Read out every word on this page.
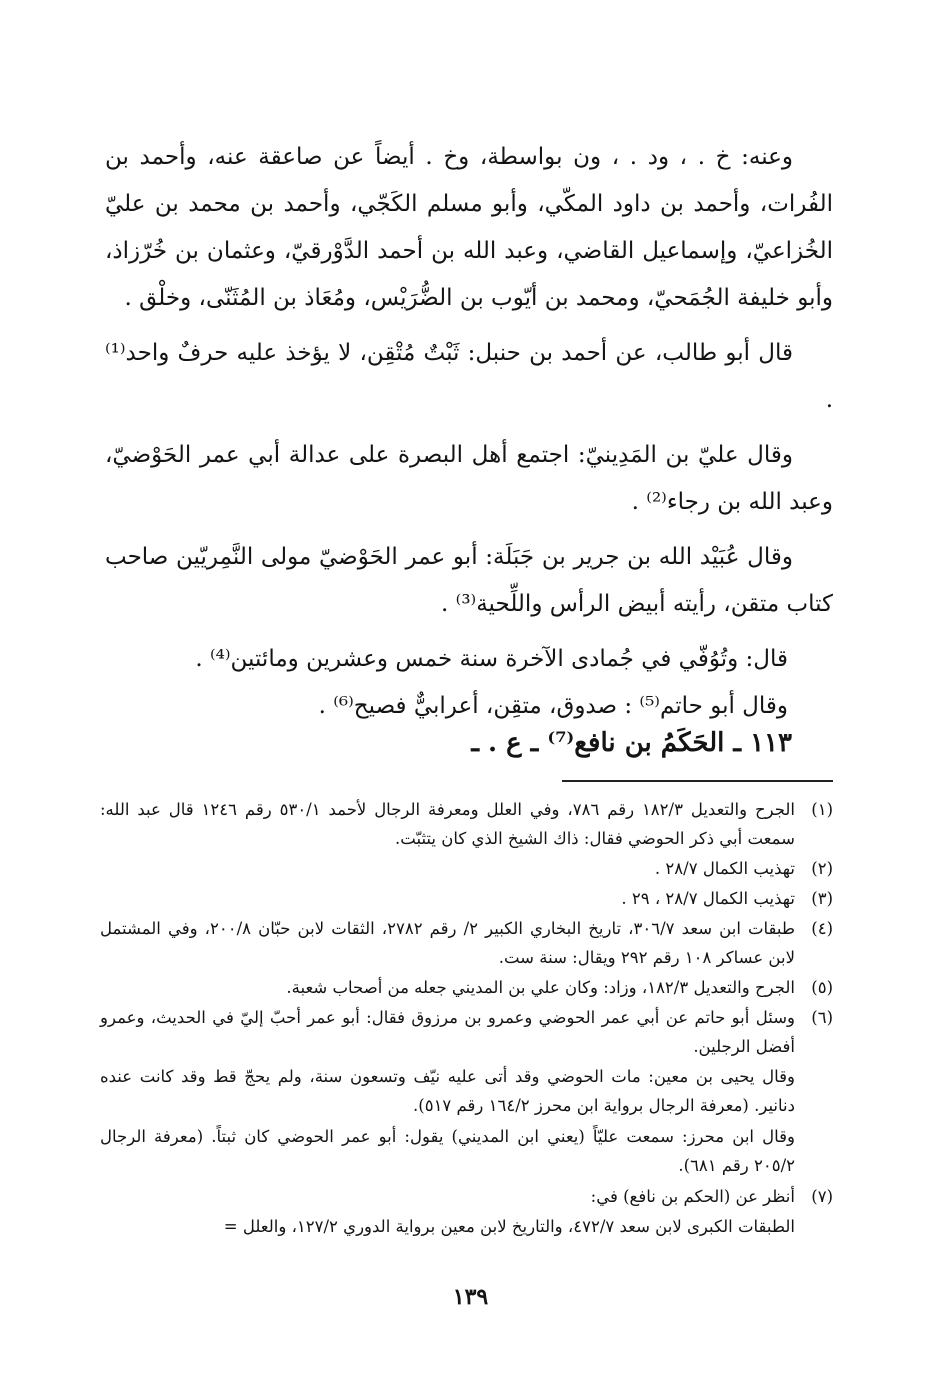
وعنه: خ . ، ود . ، ون بواسطة، وخ . أيضاً عن صاعقة عنه، وأحمد بن الفُرات، وأحمد بن داود المكّي، وأبو مسلم الكَجّي، وأحمد بن محمد بن عليّ الخُزاعيّ، وإسماعيل القاضي، وعبد الله بن أحمد الدَّوْرقيّ، وعثمان بن خُرّزاذ، وأبو خليفة الجُمَحيّ، ومحمد بن أيّوب بن الضُّرَيْس، ومُعَاذ بن المُثَنّى، وخلْق .

قال أبو طالب، عن أحمد بن حنبل: ثَبْتٌ مُتْقِن، لا يؤخذ عليه حرفٌ واحد⁽¹⁾ .

وقال عليّ بن المَدِينيّ: اجتمع أهل البصرة على عدالة أبي عمر الحَوْضيّ، وعبد الله بن رجاء⁽²⁾ .

وقال عُبَيْد الله بن جرير بن جَبَلَة: أبو عمر الحَوْضيّ مولى النَّمِريّين صاحب كتاب متقن، رأيته أبيض الرأس واللِّحية⁽³⁾ .

قال: وتُوُفّي في جُمادى الآخرة سنة خمس وعشرين ومائتين⁽⁴⁾ .

وقال أبو حاتم⁽⁵⁾ : صدوق، متقِن، أعرابيٌّ فصيح⁽⁶⁾ .

١١٣ ـ الحَكَمُ بن نافع⁽⁷⁾ ـ ع . ـ
(١)
الجرح والتعديل ١٨٢/٣ رقم ٧٨٦، وفي العلل ومعرفة الرجال لأحمد ٥٣٠/١ رقم ١٢٤٦ قال عبد الله: سمعت أبي ذكر الحوضي فقال: ذاك الشيخ الذي كان يتثبّت.
(٢)
تهذيب الكمال ٢٨/٧ .
(٣)
تهذيب الكمال ٢٨/٧ ، ٢٩ .
(٤)
طبقات ابن سعد ٣٠٦/٧، تاريخ البخاري الكبير ٢/ رقم ٢٧٨٢، الثقات لابن حبّان ٢٠٠/٨، وفي المشتمل لابن عساكر ١٠٨ رقم ٢٩٢ ويقال: سنة ست.
(٥)
الجرح والتعديل ١٨٢/٣، وزاد: وكان علي بن المديني جعله من أصحاب شعبة.
(٦)
وسئل أبو حاتم عن أبي عمر الحوضي وعمرو بن مرزوق فقال: أبو عمر أحبّ إليّ في الحديث، وعمرو أفضل الرجلين.
وقال يحيى بن معين: مات الحوضي وقد أتى عليه نيّف وتسعون سنة، ولم يحجّ قط وقد كانت عنده دنانير. (معرفة الرجال برواية ابن محرز ١٦٤/٢ رقم ٥١٧).
وقال ابن محرز: سمعت عليّاً (يعني ابن المديني) يقول: أبو عمر الحوضي كان ثبتاً. (معرفة الرجال ٢٠٥/٢ رقم ٦٨١).
(٧)
أنظر عن (الحكم بن نافع) في:
الطبقات الكبرى لابن سعد ٤٧٢/٧، والتاريخ لابن معين برواية الدوري ١٢٧/٢، والعلل =
١٣٩
